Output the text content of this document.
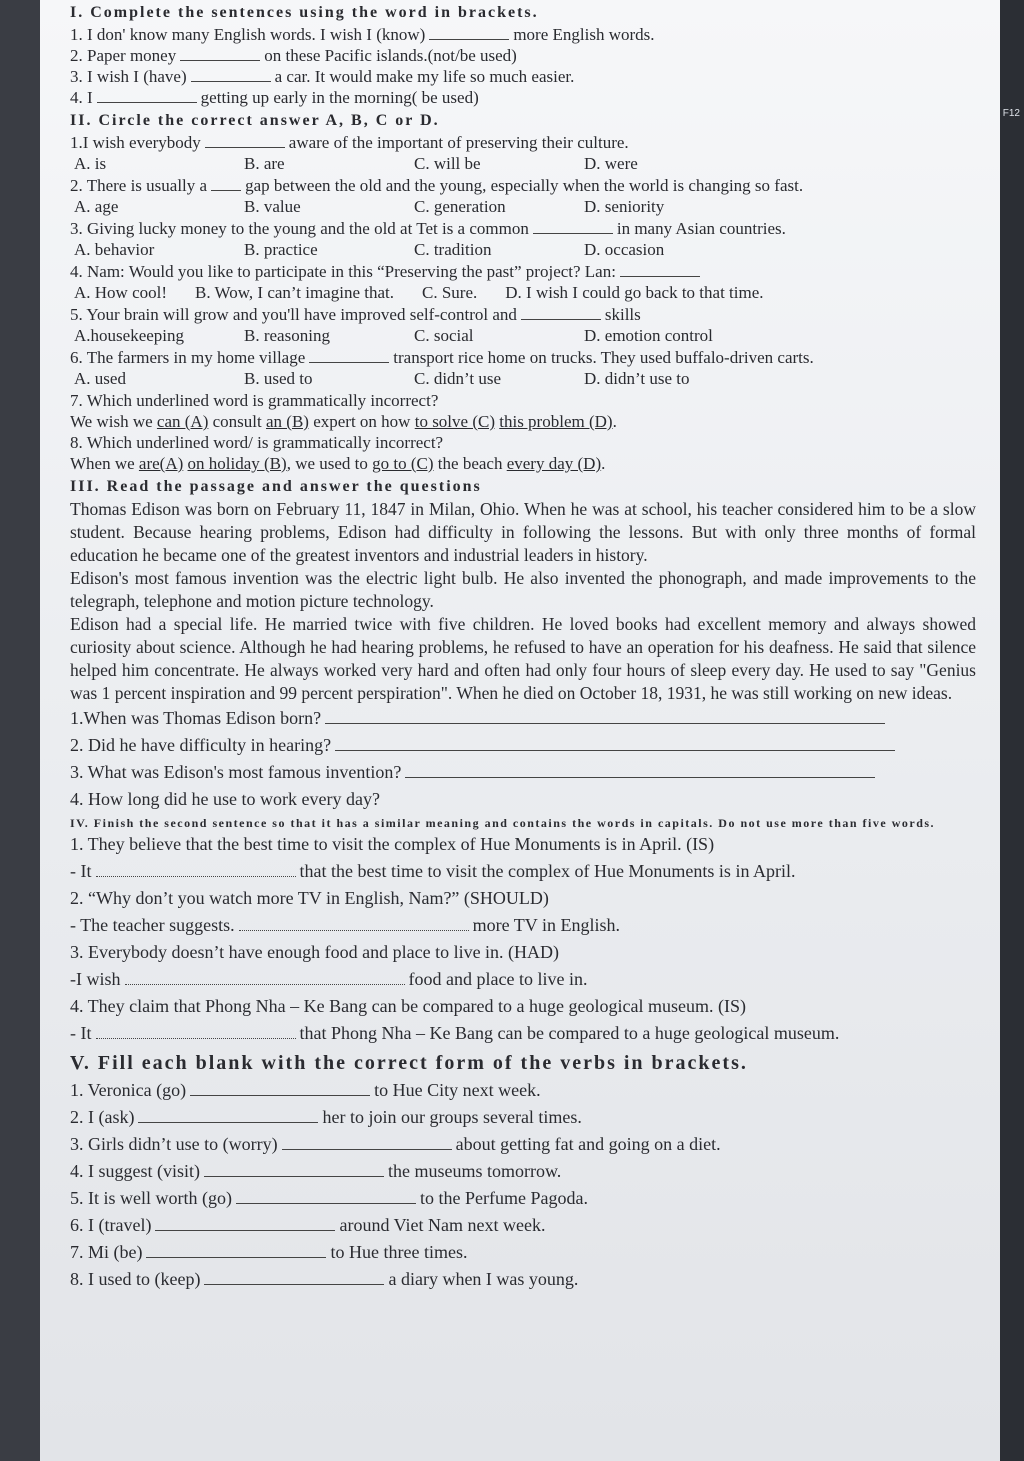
I. Complete the sentences using the word in brackets.
1. I don' know many English words. I wish I (know)	more English words.
2. Paper money	on these Pacific islands.(not/be used)
3. I wish I (have)	a car. It would make my life so much easier.
4. I	getting up early in the morning( be used)
II. Circle the correct answer A, B, C or D.
1.I wish everybody	aware of the important of preserving their culture.
A. is	B. are	C. will be	D. were
2. There is usually a gap between the old and the young, especially when the world is changing so fast.
A. age	B. value	C. generation	D. seniority
3. Giving lucky money to the young and the old at Tet is a common	in many Asian countries.
A. behavior	B. practice	C. tradition	D. occasion
4. Nam: Would you like to participate in this “Preserving the past” project? Lan:
A. How cool! B. Wow, I can’t imagine that. C. Sure. D. I wish I could go back to that time.
5. Your brain will grow and you'll have improved self-control and	skills
A.housekeeping	B. reasoning	C. social	D. emotion control
6. The farmers in my home village	transport rice home on trucks. They used buffalo-driven carts.
A. used	B. used to	C. didn’t use	D. didn’t use to
7. Which underlined word is grammatically incorrect?
We wish we can (A) consult an (B) expert on how to solve (C) this problem (D).
8. Which underlined word/ is grammatically incorrect?
When we are(A) on holiday (B), we used to go to (C) the beach every day (D).
III. Read the passage and answer the questions
Thomas Edison was born on February 11, 1847 in Milan, Ohio. When he was at school, his teacher considered him to be a slow student. Because hearing problems, Edison had difficulty in following the lessons. But with only three months of formal education he became one of the greatest inventors and industrial leaders in history.
Edison's most famous invention was the electric light bulb. He also invented the phonograph, and made improvements to the telegraph, telephone and motion picture technology.
Edison had a special life. He married twice with five children. He loved books had excellent memory and always showed curiosity about science. Although he had hearing problems, he refused to have an operation for his deafness. He said that silence helped him concentrate. He always worked very hard and often had only four hours of sleep every day. He used to say "Genius was 1 percent inspiration and 99 percent perspiration". When he died on October 18, 1931, he was still working on new ideas.
1.When was Thomas Edison born?
2. Did he have difficulty in hearing?
3. What was Edison's most famous invention?
4. How long did he use to work every day?
IV. Finish the second sentence so that it has a similar meaning and contains the words in capitals. Do not use more than five words.
1. They believe that the best time to visit the complex of Hue Monuments is in April. (IS)
- It	that the best time to visit the complex of Hue Monuments is in April.
2. “Why don’t you watch more TV in English, Nam?” (SHOULD)
- The teacher suggests.	more TV in English.
3. Everybody doesn’t have enough food and place to live in. (HAD)
-I wish	food and place to live in.
4. They claim that Phong Nha – Ke Bang can be compared to a huge geological museum. (IS)
- It	that Phong Nha – Ke Bang can be compared to a huge geological museum.
V. Fill each blank with the correct form of the verbs in brackets.
1. Veronica (go)	to Hue City next week.
2. I (ask)	her to join our groups several times.
3. Girls didn’t use to (worry)	about getting fat and going on a diet.
4. I suggest (visit)	the museums tomorrow.
5. It is well worth (go)	to the Perfume Pagoda.
6. I (travel)	around Viet Nam next week.
7. Mi (be)	to Hue three times.
8. I used to (keep)	a diary when I was young.
F12
